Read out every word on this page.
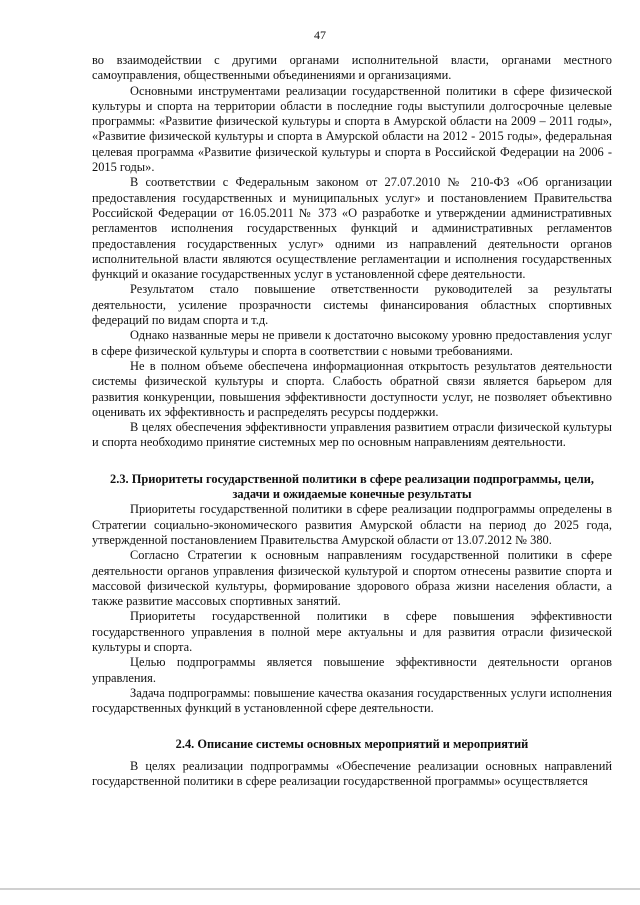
47

во взаимодействии с другими органами исполнительной власти, органами местного самоуправления, общественными объединениями и организациями.

Основными инструментами реализации государственной политики в сфере физической культуры и спорта на территории области в последние годы выступили долгосрочные целевые программы: «Развитие физической культуры и спорта в Амурской области на 2009 – 2011 годы», «Развитие физической культуры и спорта в Амурской области на 2012 - 2015 годы», федеральная целевая программа «Развитие физической культуры и спорта в Российской Федерации на 2006 - 2015 годы».

В соответствии с Федеральным законом от 27.07.2010 № 210-ФЗ «Об организации предоставления государственных и муниципальных услуг» и постановлением Правительства Российской Федерации от 16.05.2011 № 373 «О разработке и утверждении административных регламентов исполнения государственных функций и административных регламентов предоставления государственных услуг» одними из направлений деятельности органов исполнительной власти являются осуществление регламентации и исполнения государственных функций и оказание государственных услуг в установленной сфере деятельности.

Результатом стало повышение ответственности руководителей за результаты деятельности, усиление прозрачности системы финансирования областных спортивных федераций по видам спорта и т.д.

Однако названные меры не привели к достаточно высокому уровню предоставления услуг в сфере физической культуры и спорта в соответствии с новыми требованиями.

Не в полном объеме обеспечена информационная открытость результатов деятельности системы физической культуры и спорта. Слабость обратной связи является барьером для развития конкуренции, повышения эффективности доступности услуг, не позволяет объективно оценивать их эффективность и распределять ресурсы поддержки.

В целях обеспечения эффективности управления развитием отрасли физической культуры и спорта необходимо принятие системных мер по основным направлениям деятельности.

2.3. Приоритеты государственной политики в сфере реализации подпрограммы, цели, задачи и ожидаемые конечные результаты

Приоритеты государственной политики в сфере реализации подпрограммы определены в Стратегии социально-экономического развития Амурской области на период до 2025 года, утвержденной постановлением Правительства Амурской области от 13.07.2012 № 380.

Согласно Стратегии к основным направлениям государственной политики в сфере деятельности органов управления физической культурой и спортом отнесены развитие спорта и массовой физической культуры, формирование здорового образа жизни населения области, а также развитие массовых спортивных занятий.

Приоритеты государственной политики в сфере повышения эффективности государственного управления в полной мере актуальны и для развития отрасли физической культуры и спорта.

Целью подпрограммы является повышение эффективности деятельности органов управления.

Задача подпрограммы: повышение качества оказания государственных услуги исполнения государственных функций в установленной сфере деятельности.

2.4. Описание системы основных мероприятий и мероприятий

В целях реализации подпрограммы «Обеспечение реализации основных направлений государственной политики в сфере реализации государственной программы» осуществляется
